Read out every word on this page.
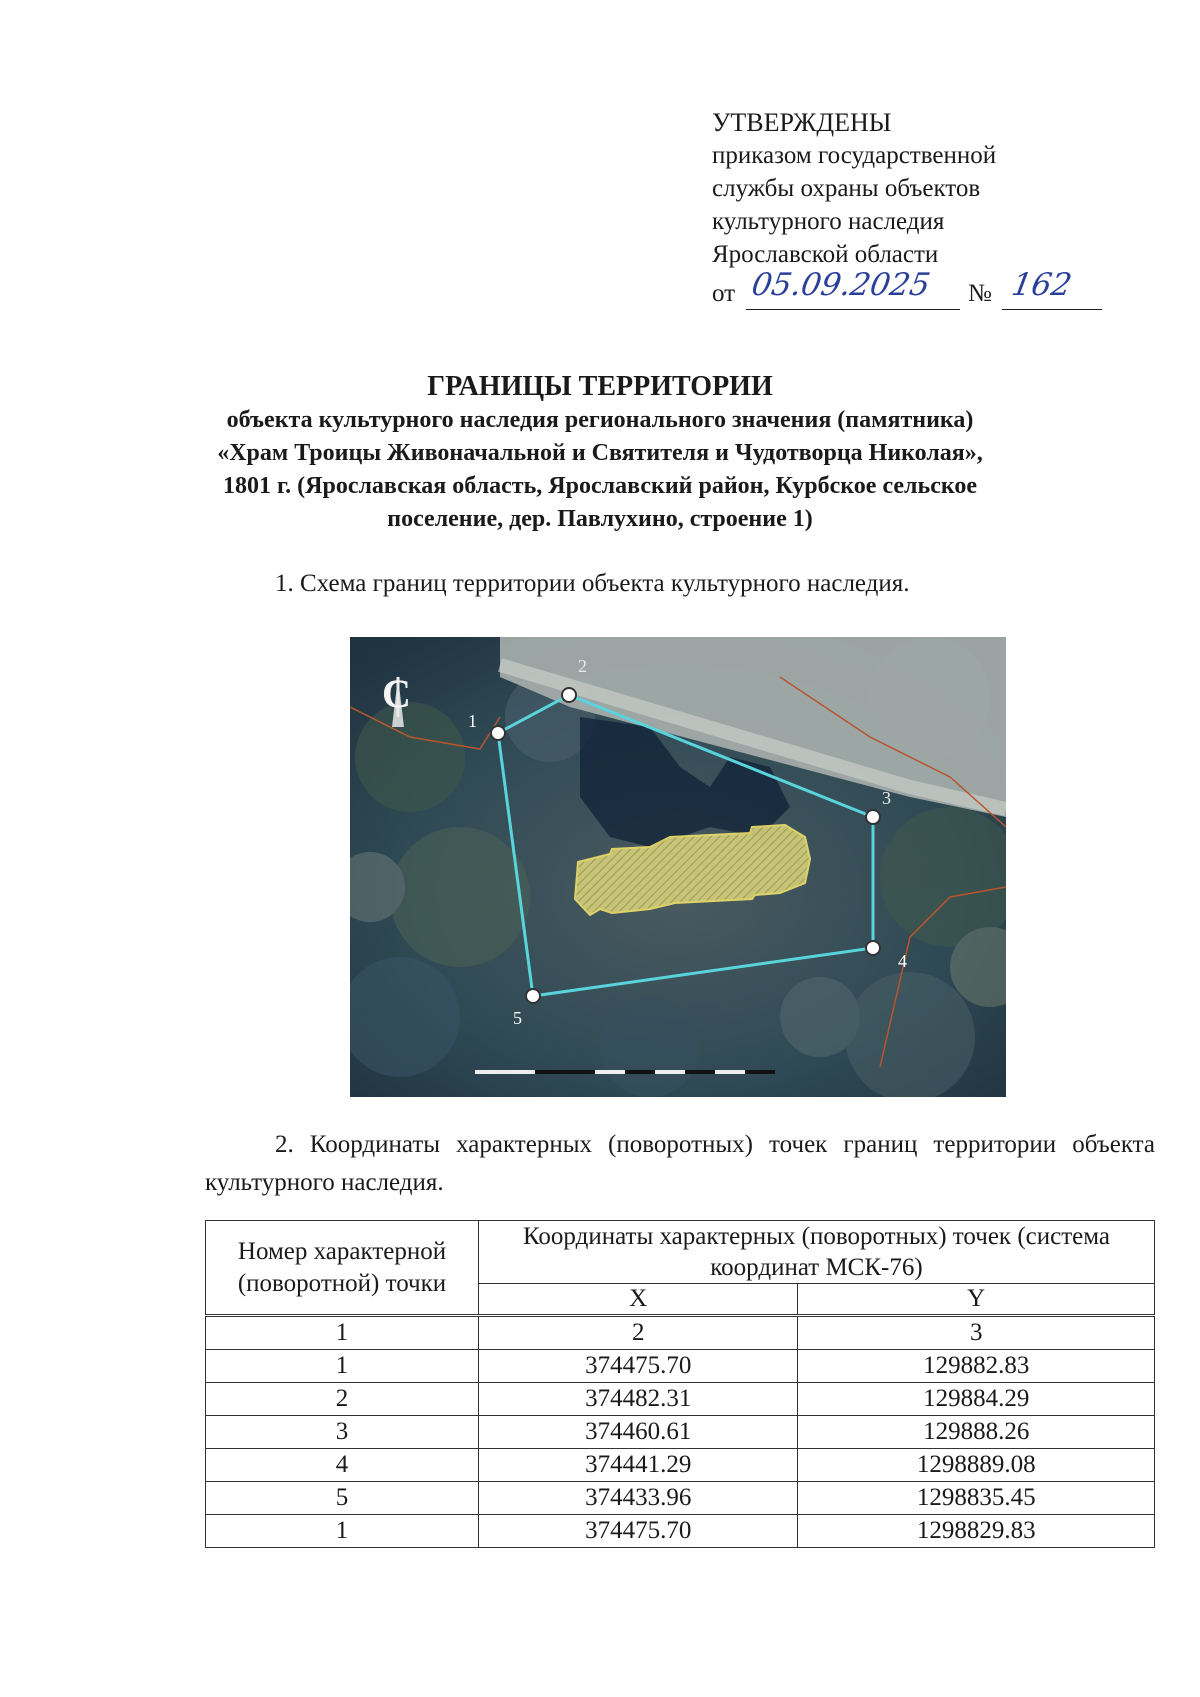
УТВЕРЖДЕНЫ
приказом государственной
службы охраны объектов
культурного наследия
Ярославской области
от 05.09.2025 № 162
ГРАНИЦЫ ТЕРРИТОРИИ
объекта культурного наследия регионального значения (памятника)
«Храм Троицы Живоначальной и Святителя и Чудотворца Николая»,
1801 г. (Ярославская область, Ярославский район, Курбское сельское
поселение, дер. Павлухино, строение 1)
1. Схема границ территории объекта культурного наследия.
1
2
3
4
5
С
2. Координаты характерных (поворотных) точек границ территории объекта культурного наследия.
Номер характерной (поворотной) точки	Координаты характерных (поворотных) точек (система координат МСК-76)	
	X	Y
1	2	3
1	374475.70	129882.83
2	374482.31	129884.29
3	374460.61	129888.26
4	374441.29	1298889.08
5	374433.96	1298835.45
1	374475.70	1298829.83
